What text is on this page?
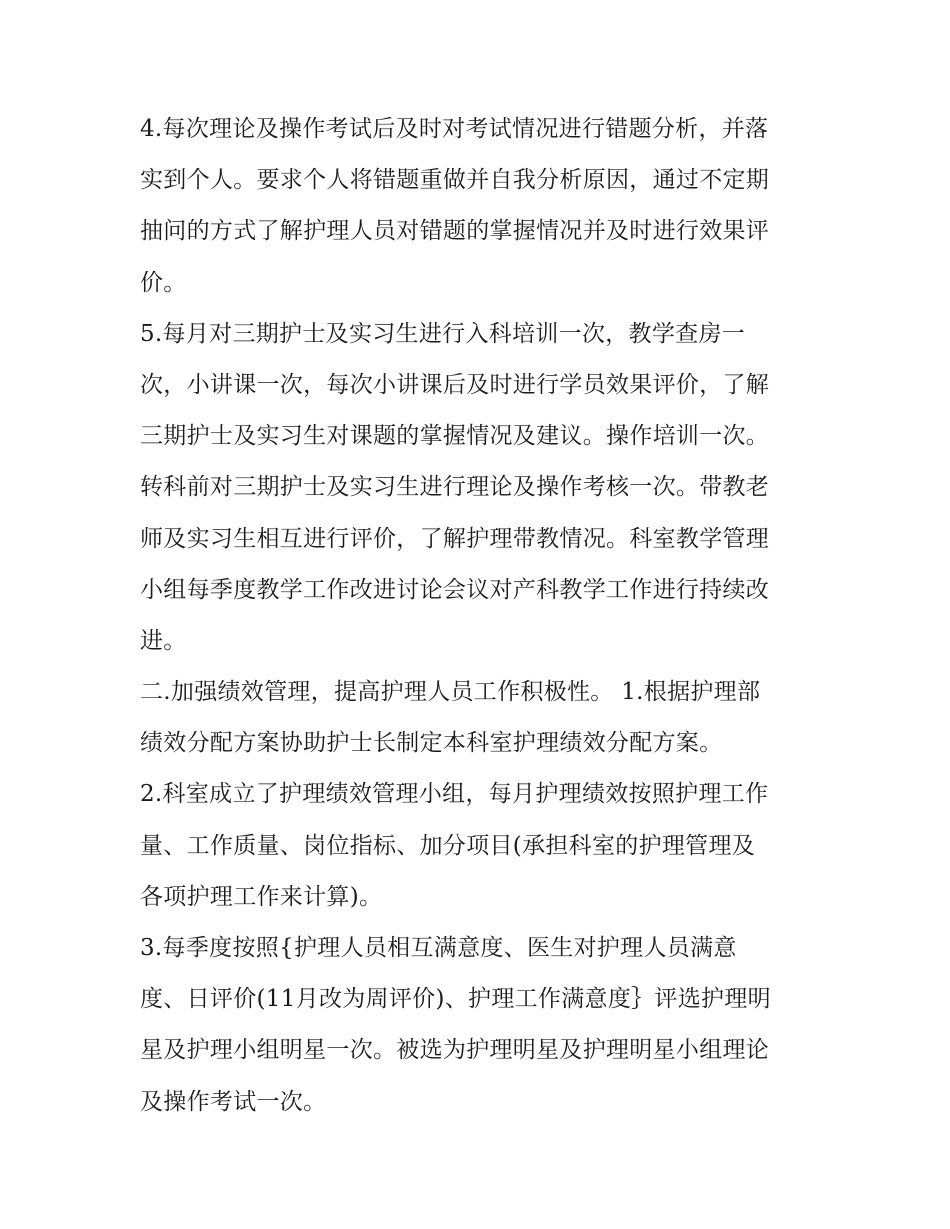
4.每次理论及操作考试后及时对考试情况进行错题分析，并落
实到个人。要求个人将错题重做并自我分析原因，通过不定期
抽问的方式了解护理人员对错题的掌握情况并及时进行效果评
价。
5.每月对三期护士及实习生进行入科培训一次，教学查房一
次，小讲课一次，每次小讲课后及时进行学员效果评价，了解
三期护士及实习生对课题的掌握情况及建议。操作培训一次。
转科前对三期护士及实习生进行理论及操作考核一次。带教老
师及实习生相互进行评价，了解护理带教情况。科室教学管理
小组每季度教学工作改进讨论会议对产科教学工作进行持续改
进。
二.加强绩效管理，提高护理人员工作积极性。 1.根据护理部
绩效分配方案协助护士长制定本科室护理绩效分配方案。
2.科室成立了护理绩效管理小组，每月护理绩效按照护理工作
量、工作质量、岗位指标、加分项目(承担科室的护理管理及
各项护理工作来计算)。
3.每季度按照{护理人员相互满意度、医生对护理人员满意
度、日评价(11月改为周评价)、护理工作满意度｝评选护理明
星及护理小组明星一次。被选为护理明星及护理明星小组理论
及操作考试一次。
